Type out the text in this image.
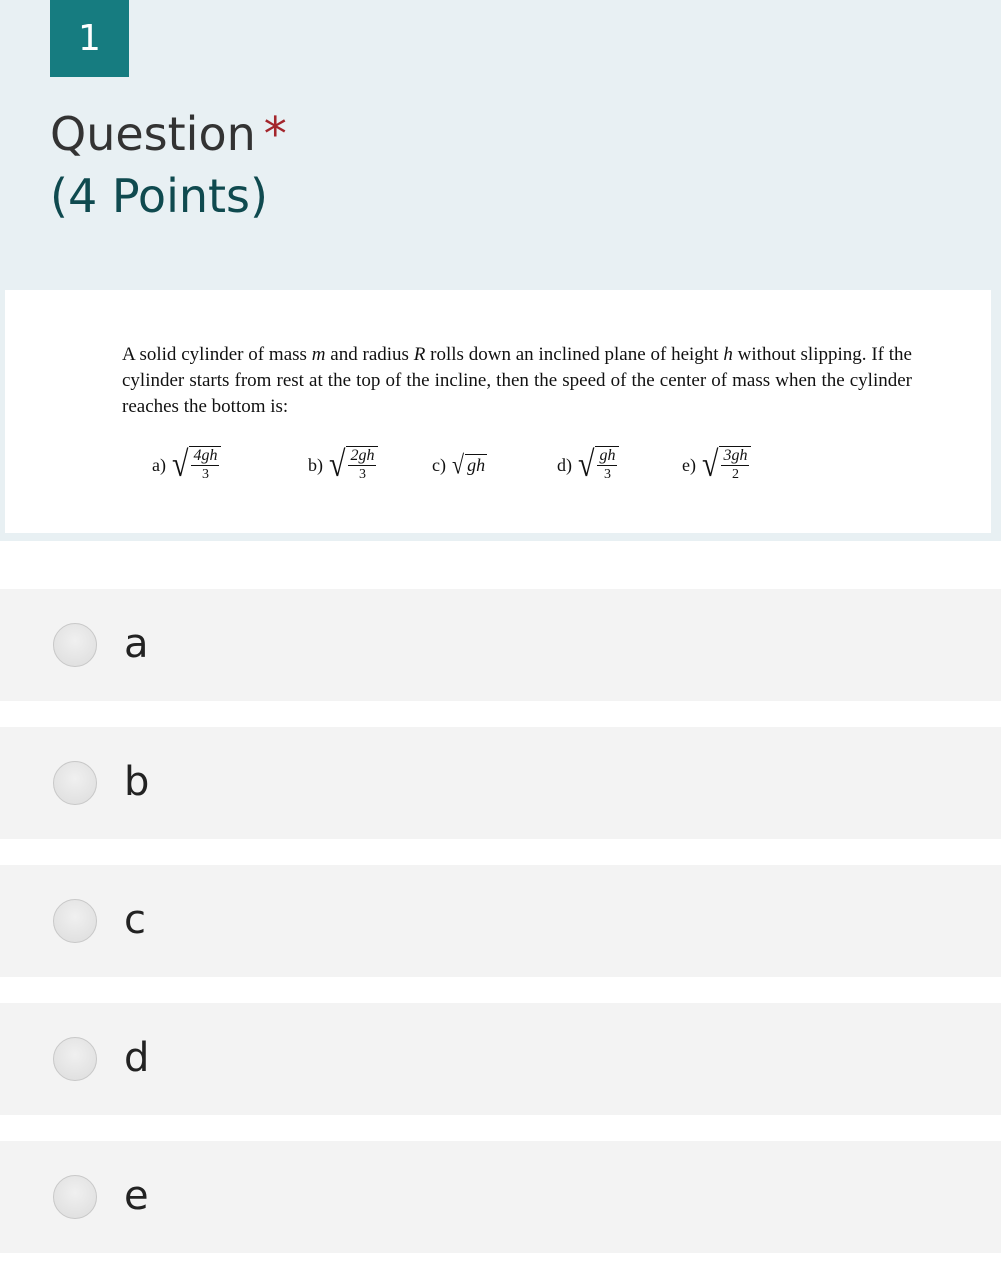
1
Question *
(4 Points)
A solid cylinder of mass m and radius R rolls down an inclined plane of height h without slipping. If the cylinder starts from rest at the top of the incline, then the speed of the center of mass when the cylinder reaches the bottom is:
a) √ $\frac{4gh}{3}$	b) √ $\frac{2gh}{3}$	c) √ gh	d) √ $\frac{gh}{3}$	e) √ $\frac{3gh}{2}$
a
b
c
d
e
